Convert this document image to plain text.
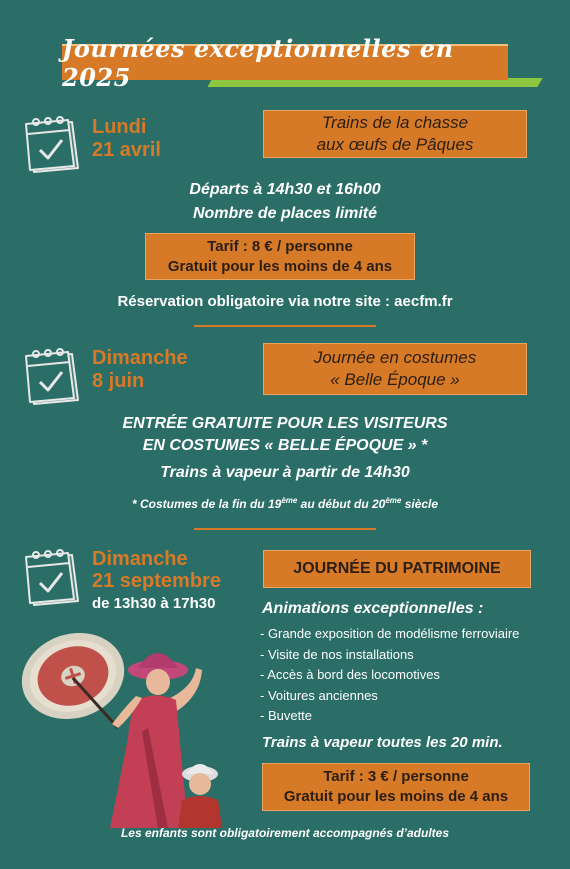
Journées exceptionnelles en 2025
Lundi
21 avril
Trains de la chasse
aux œufs de Pâques
Départs à 14h30 et 16h00
Nombre de places limité
Tarif : 8 € / personne
Gratuit pour les moins de 4 ans
Réservation obligatoire via notre site : aecfm.fr
Dimanche
8 juin
Journée en costumes
« Belle Époque »
ENTRÉE GRATUITE POUR LES VISITEURS
EN COSTUMES « BELLE ÉPOQUE » *
Trains à vapeur à partir de 14h30
* Costumes de la fin du 19ème au début du 20ème siècle
Dimanche
21 septembre
de 13h30 à 17h30
JOURNÉE DU PATRIMOINE
Animations exceptionnelles :
- Grande exposition de modélisme ferroviaire
- Visite de nos installations
- Accès à bord des locomotives
- Voitures anciennes
- Buvette
Trains à vapeur toutes les 20 min.
Tarif : 3 € / personne
Gratuit pour les moins de 4 ans
Les enfants sont obligatoirement accompagnés d’adultes
